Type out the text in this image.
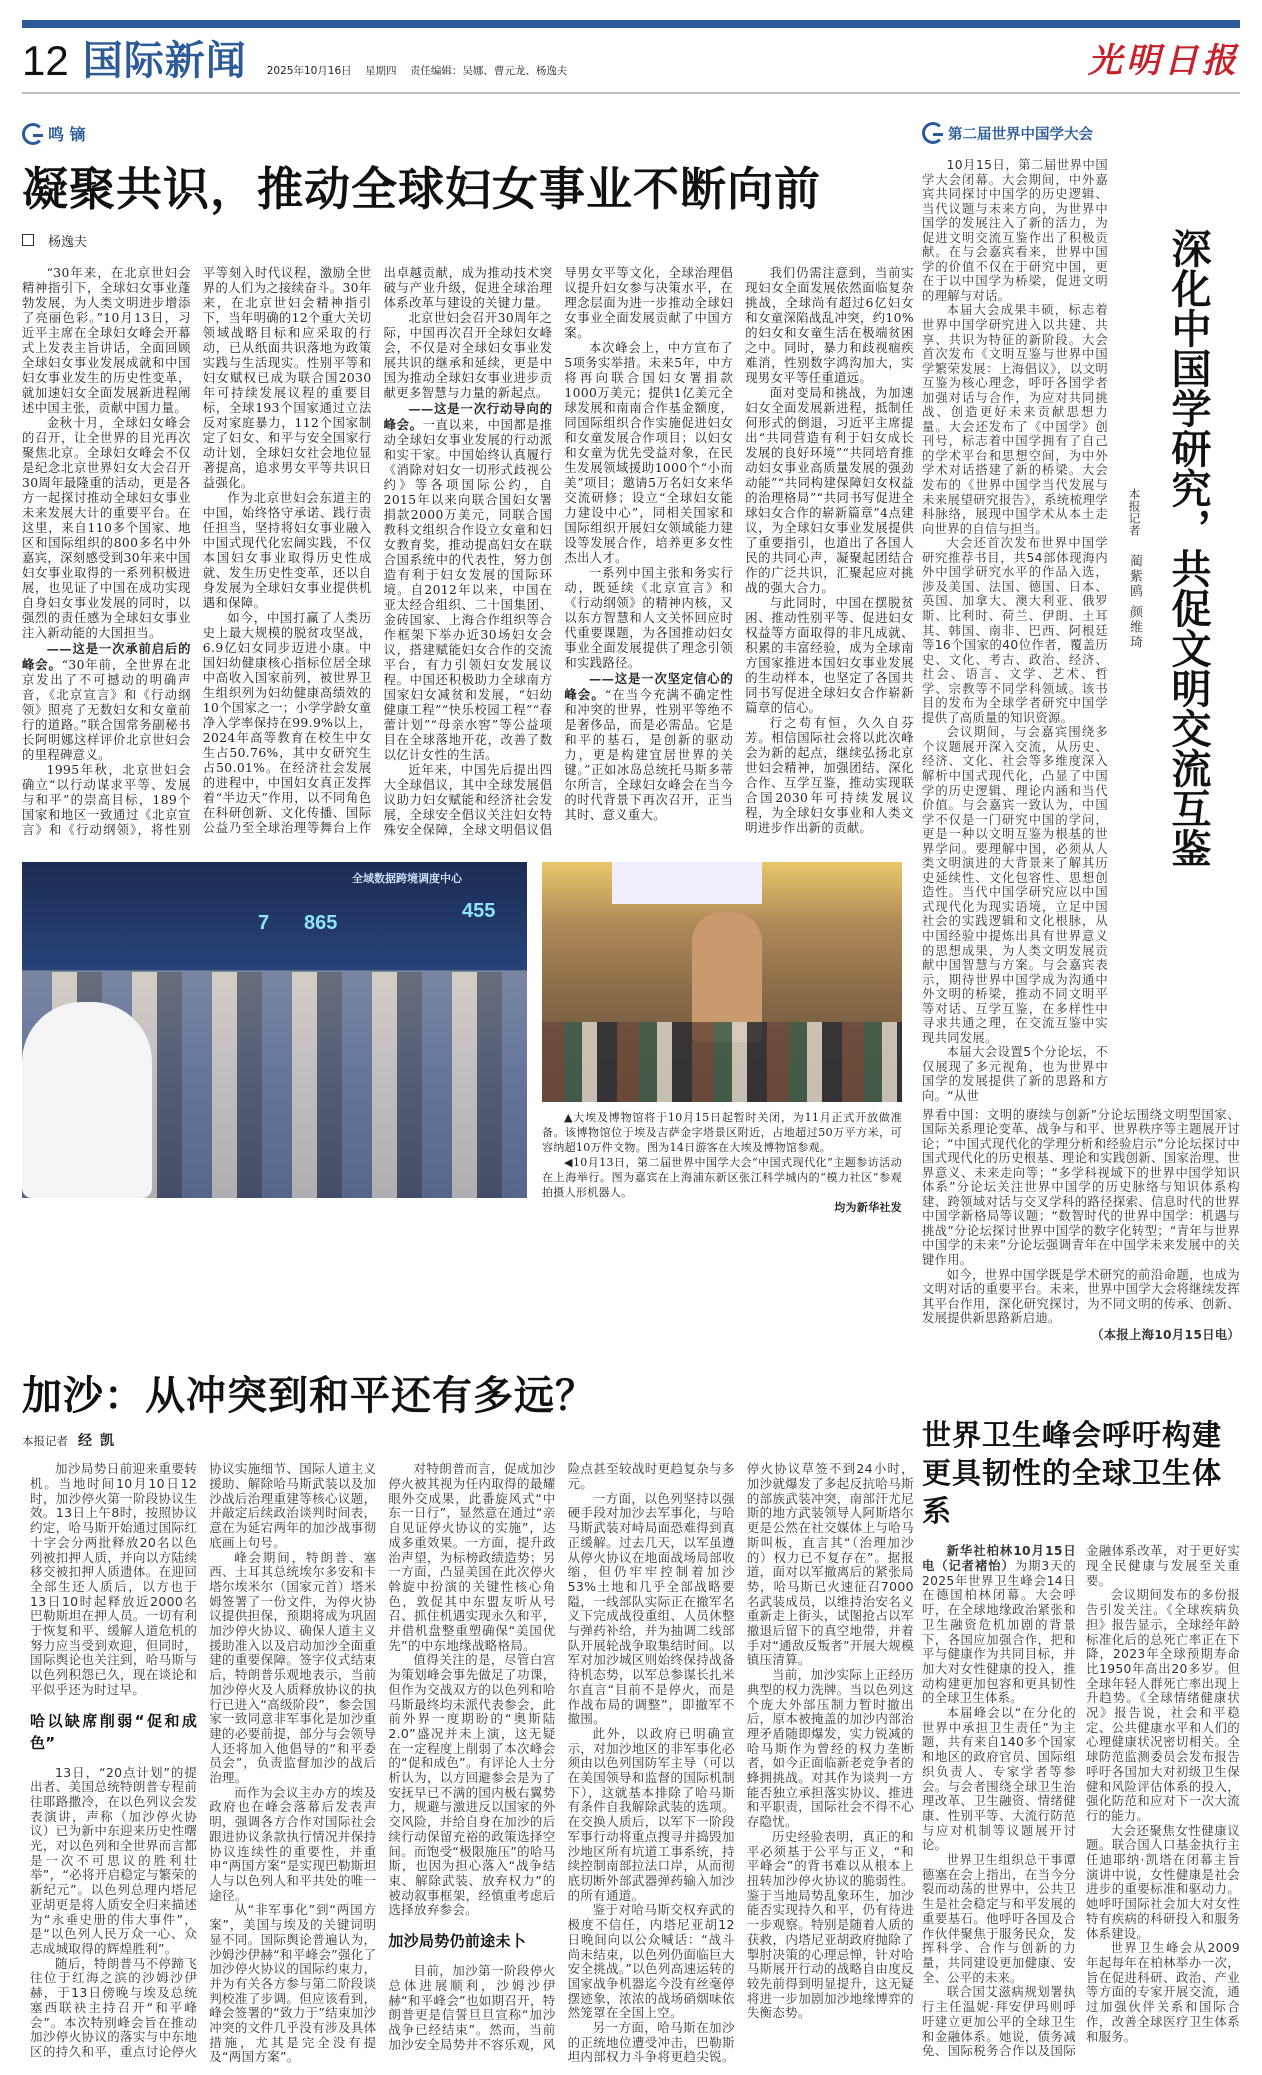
12 国际新闻 2025年10月16日 星期四 责任编辑：吴娜、曹元龙、杨逸夫	光明日报
鸣 镝
凝聚共识，推动全球妇女事业不断向前
杨逸夫

“30年来，在北京世妇会精神指引下，全球妇女事业蓬勃发展，为人类文明进步增添了亮丽色彩。”10月13日，习近平主席在全球妇女峰会开幕式上发表主旨讲话，全面回顾全球妇女事业发展成就和中国妇女事业发生的历史性变革，就加速妇女全面发展新进程阐述中国主张，贡献中国力量。

金秋十月，全球妇女峰会的召开，让全世界的目光再次聚焦北京。全球妇女峰会不仅是纪念北京世界妇女大会召开30周年最隆重的活动，更是各方一起探讨推动全球妇女事业未来发展大计的重要平台。在这里，来自110多个国家、地区和国际组织的800多名中外嘉宾，深刻感受到30年来中国妇女事业取得的一系列积极进展，也见证了中国在成功实现自身妇女事业发展的同时，以强烈的责任感为全球妇女事业注入新动能的大国担当。

——这是一次承前启后的峰会。“30年前，全世界在北京发出了不可撼动的明确声音，《北京宣言》和《行动纲领》照亮了无数妇女和女童前行的道路。”联合国常务副秘书长阿明娜这样评价北京世妇会的里程碑意义。

1995年秋，北京世妇会确立“以行动谋求平等、发展与和平”的崇高目标，189个国家和地区一致通过《北京宣言》和《行动纲领》，将性别平等刻入时代议程，激励全世界的人们为之接续奋斗。30年来，在北京世妇会精神指引下，当年明确的12个重大关切领域战略目标和应采取的行动，已从纸面共识落地为政策实践与生活现实。性别平等和妇女赋权已成为联合国2030年可持续发展议程的重要目标，全球193个国家通过立法反对家庭暴力，112个国家制定了妇女、和平与安全国家行动计划，全球妇女社会地位显著提高，追求男女平等共识日益强化。

作为北京世妇会东道主的中国，始终恪守承诺、践行责任担当，坚持将妇女事业融入中国式现代化宏阔实践，不仅本国妇女事业取得历史性成就、发生历史性变革，还以自身发展为全球妇女事业提供机遇和保障。

如今，中国打赢了人类历史上最大规模的脱贫攻坚战，6.9亿妇女同步迈进小康。中国妇幼健康核心指标位居全球中高收入国家前列，被世界卫生组织列为妇幼健康高绩效的10个国家之一；小学学龄女童净入学率保持在99.9%以上，2024年高等教育在校生中女生占50.76%，其中女研究生占50.01%。在经济社会发展的进程中，中国妇女真正发挥着“半边天”作用，以不同角色在科研创新、文化传播、国际公益乃至全球治理等舞台上作出卓越贡献，成为推动技术突破与产业升级，促进全球治理体系改革与建设的关键力量。

北京世妇会召开30周年之际，中国再次召开全球妇女峰会，不仅是对全球妇女事业发展共识的继承和延续，更是中国为推动全球妇女事业进步贡献更多智慧与力量的新起点。

——这是一次行动导向的峰会。一直以来，中国都是推动全球妇女事业发展的行动派和实干家。中国始终认真履行《消除对妇女一切形式歧视公约》等各项国际公约，自2015年以来向联合国妇女署捐款2000万美元，同联合国教科文组织合作设立女童和妇女教育奖，推动提高妇女在联合国系统中的代表性，努力创造有利于妇女发展的国际环境。自2012年以来，中国在亚太经合组织、二十国集团、金砖国家、上海合作组织等合作框架下举办近30场妇女会议，搭建赋能妇女合作的交流平台，有力引领妇女发展议程。中国还积极助力全球南方国家妇女减贫和发展，“妇幼健康工程”“快乐校园工程”“春蕾计划”“母亲水窖”等公益项目在全球落地开花，改善了数以亿计女性的生活。

近年来，中国先后提出四大全球倡议，其中全球发展倡议助力妇女赋能和经济社会发展，全球安全倡议关注妇女特殊安全保障，全球文明倡议倡导男女平等文化，全球治理倡议提升妇女参与决策水平，在理念层面为进一步推动全球妇女事业全面发展贡献了中国方案。

本次峰会上，中方宣布了5项务实举措。未来5年，中方将再向联合国妇女署捐款1000万美元；提供1亿美元全球发展和南南合作基金额度，同国际组织合作实施促进妇女和女童发展合作项目；以妇女和女童为优先受益对象，在民生发展领域援助1000个“小而美”项目；邀请5万名妇女来华交流研修；设立“全球妇女能力建设中心”，同相关国家和国际组织开展妇女领域能力建设等发展合作，培养更多女性杰出人才。

一系列中国主张和务实行动，既延续《北京宣言》和《行动纲领》的精神内核，又以东方智慧和人文关怀回应时代重要课题，为各国推动妇女事业全面发展提供了理念引领和实践路径。

——这是一次坚定信心的峰会。“在当今充满不确定性和冲突的世界，性别平等绝不是奢侈品，而是必需品。它是和平的基石，是创新的驱动力，更是构建宜居世界的关键。”正如冰岛总统托马斯多蒂尔所言，全球妇女峰会在当今的时代背景下再次召开，正当其时、意义重大。

我们仍需注意到，当前实现妇女全面发展依然面临复杂挑战，全球尚有超过6亿妇女和女童深陷战乱冲突，约10%的妇女和女童生活在极端贫困之中。同时，暴力和歧视痼疾难消，性别数字鸿沟加大，实现男女平等任重道远。

面对变局和挑战，为加速妇女全面发展新进程，抵制任何形式的倒退，习近平主席提出“共同营造有利于妇女成长发展的良好环境”“共同培育推动妇女事业高质量发展的强劲动能”“共同构建保障妇女权益的治理格局”“共同书写促进全球妇女合作的崭新篇章”4点建议，为全球妇女事业发展提供了重要指引，也道出了各国人民的共同心声，凝聚起团结合作的广泛共识，汇聚起应对挑战的强大合力。

与此同时，中国在摆脱贫困、推动性别平等、促进妇女权益等方面取得的非凡成就、积累的丰富经验，成为全球南方国家推进本国妇女事业发展的生动样本，也坚定了各国共同书写促进全球妇女合作崭新篇章的信心。

行之苟有恒，久久自芬芳。相信国际社会将以此次峰会为新的起点，继续弘扬北京世妇会精神，加强团结、深化合作、互学互鉴，推动实现联合国2030年可持续发展议程，为全球妇女事业和人类文明进步作出新的贡献。

全域数据跨境调度中心
7 865
455

▲大埃及博物馆将于10月15日起暂时关闭，为11月正式开放做准备。该博物馆位于埃及吉萨金字塔景区附近，占地超过50万平方米，可容纳超10万件文物。图为14日游客在大埃及博物馆参观。

◀10月13日，第二届世界中国学大会“中国式现代化”主题参访活动在上海举行。图为嘉宾在上海浦东新区张江科学城内的“模力社区”参观拍摄人形机器人。

均为新华社发
第二届世界中国学大会

10月15日，第二届世界中国学大会闭幕。大会期间，中外嘉宾共同探讨中国学的历史逻辑、当代议题与未来方向，为世界中国学的发展注入了新的活力，为促进文明交流互鉴作出了积极贡献。在与会嘉宾看来，世界中国学的价值不仅在于研究中国，更在于以中国学为桥梁，促进文明的理解与对话。

本届大会成果丰硕，标志着世界中国学研究进入以共建、共享、共识为特征的新阶段。大会首次发布《文明互鉴与世界中国学繁荣发展：上海倡议》，以文明互鉴为核心理念，呼吁各国学者加强对话与合作，为应对共同挑战、创造更好未来贡献思想力量。大会还发布了《中国学》创刊号，标志着中国学拥有了自己的学术平台和思想空间，为中外学术对话搭建了新的桥梁。大会发布的《世界中国学当代发展与未来展望研究报告》，系统梳理学科脉络，展现中国学术从本土走向世界的自信与担当。

大会还首次发布世界中国学研究推荐书目，共54部体现海内外中国学研究水平的作品入选，涉及美国、法国、德国、日本、英国、加拿大、澳大利亚、俄罗斯、比利时、荷兰、伊朗、土耳其、韩国、南非、巴西、阿根廷等16个国家的40位作者，覆盖历史、文化、考古、政治、经济、社会、语言、文学、艺术、哲学、宗教等不同学科领域。该书目的发布为全球学者研究中国学提供了高质量的知识资源。

会议期间，与会嘉宾围绕多个议题展开深入交流，从历史、经济、文化、社会等多维度深入解析中国式现代化，凸显了中国学的历史逻辑、理论内涵和当代价值。与会嘉宾一致认为，中国学不仅是一门研究中国的学问，更是一种以文明互鉴为根基的世界学问。要理解中国，必须从人类文明演进的大背景来了解其历史延续性、文化包容性、思想创造性。当代中国学研究应以中国式现代化为现实语境，立足中国社会的实践逻辑和文化根脉，从中国经验中提炼出具有世界意义的思想成果，为人类文明发展贡献中国智慧与方案。与会嘉宾表示，期待世界中国学成为沟通中外文明的桥梁，推动不同文明平等对话、互学互鉴，在多样性中寻求共通之理，在交流互鉴中实现共同发展。

本届大会设置5个分论坛，不仅展现了多元视角，也为世界中国学的发展提供了新的思路和方向。“从世

本报记者 蔺紫鸥 颜维琦 深化中国学研究，共促文明交流互鉴

界看中国：文明的赓续与创新”分论坛围绕文明型国家、国际关系理论变革、战争与和平、世界秩序等主题展开讨论；“中国式现代化的学理分析和经验启示”分论坛探讨中国式现代化的历史根基、理论和实践创新、国家治理、世界意义、未来走向等；“多学科视域下的世界中国学知识体系”分论坛关注世界中国学的历史脉络与知识体系构建、跨领域对话与交叉学科的路径探索、信息时代的世界中国学新格局等议题；“数智时代的世界中国学：机遇与挑战”分论坛探讨世界中国学的数字化转型；“青年与世界中国学的未来”分论坛强调青年在中国学未来发展中的关键作用。

如今，世界中国学既是学术研究的前沿命题，也成为文明对话的重要平台。未来，世界中国学大会将继续发挥其平台作用，深化研究探讨，为不同文明的传承、创新、发展提供新思路新启迪。

（本报上海10月15日电）
加沙：从冲突到和平还有多远？
本报记者 经凯

加沙局势日前迎来重要转机。当地时间10月10日12时，加沙停火第一阶段协议生效。13日上午8时，按照协议约定，哈马斯开始通过国际红十字会分两批释放20名以色列被扣押人质，并向以方陆续移交被扣押人质遗体。在迎回全部生还人质后，以方也于13日10时起释放近2000名巴勒斯坦在押人员。一切有利于恢复和平、缓解人道危机的努力应当受到欢迎，但同时，国际舆论也关注到，哈马斯与以色列积怨已久，现在谈论和平似乎还为时过早。

哈以缺席削弱“促和成色”

13日，“20点计划”的提出者、美国总统特朗普专程前往耶路撒冷，在以色列议会发表演讲，声称（加沙停火协议）已为新中东迎来历史性曙光，对以色列和全世界而言都是一次不可思议的胜利壮举”，“必将开启稳定与繁荣的新纪元”。以色列总理内塔尼亚胡更是将人质安全归来描述为“永垂史册的伟大事件”，是“以色列人民万众一心、众志成城取得的辉煌胜利”。

随后，特朗普马不停蹄飞往位于红海之滨的沙姆沙伊赫，于13日傍晚与埃及总统塞西联袂主持召开“和平峰会”。本次特别峰会旨在推动加沙停火协议的落实与中东地区的持久和平，重点讨论停火协议实施细节、国际人道主义援助、解除哈马斯武装以及加沙战后治理重建等核心议题，并敲定后续政治谈判时间表，意在为延宕两年的加沙战事彻底画上句号。

峰会期间，特朗普、塞西、土耳其总统埃尔多安和卡塔尔埃米尔（国家元首）塔米姆签署了一份文件，为停火协议提供担保，预期将成为巩固加沙停火协议、确保人道主义援助准入以及启动加沙全面重建的重要保障。签字仪式结束后，特朗普乐观地表示，当前加沙停火及人质释放协议的执行已进入“高级阶段”，参会国家一致同意非军事化是加沙重建的必要前提，部分与会领导人还将加入他倡导的“和平委员会”，负责监督加沙的战后治理。

而作为会议主办方的埃及政府也在峰会落幕后发表声明，强调各方合作对国际社会跟进协议条款执行情况并保持协议连续性的重要性，并重申“两国方案”是实现巴勒斯坦人与以色列人和平共处的唯一途径。

从“非军事化”到“两国方案”，美国与埃及的关键词明显不同。国际舆论普遍认为，沙姆沙伊赫“和平峰会”强化了加沙停火协议的国际约束力，并为有关各方参与第二阶段谈判校准了步调。但应该看到，峰会签署的“致力于”结束加沙冲突的文件几乎没有涉及具体措施，尤其是完全没有提及“两国方案”。

对特朗普而言，促成加沙停火被其视为任内取得的最耀眼外交成果，此番旋风式“中东一日行”，显然意在通过“亲自见证停火协议的实施”，达成多重效果。一方面，提升政治声望，为标榜政绩造势；另一方面，凸显美国在此次停火斡旋中扮演的关键性核心角色，敦促其中东盟友听从号召、抓住机遇实现永久和平，并借机盘整重塑确保“美国优先”的中东地缘战略格局。

值得关注的是，尽管白宫为策划峰会事先做足了功课，但作为交战双方的以色列和哈马斯最终均未派代表参会，此前外界一度期盼的“奥斯陆2.0”盛况并未上演，这无疑在一定程度上削弱了本次峰会的“促和成色”。有评论人士分析认为，以方回避参会是为了安抚早已不满的国内极右翼势力，规避与激进反以国家的外交风险，并给自身在加沙的后续行动保留充裕的政策选择空间。而饱受“极限施压”的哈马斯，也因为担心落入“战争结束、解除武装、放弃权力”的被动叙事框架，经慎重考虑后选择放弃参会。

加沙局势仍前途未卜

目前，加沙第一阶段停火总体进展顺利，沙姆沙伊赫“和平峰会”也如期召开，特朗普更是信誓旦旦宣称“加沙战争已经结束”。然而，当前加沙安全局势并不容乐观，风险点甚至较战时更趋复杂与多元。

一方面，以色列坚持以强硬手段对加沙去军事化，与哈马斯武装对峙局面恐难得到真正缓解。过去几天，以军虽遵从停火协议在地面战场局部收缩，但仍牢牢控制着加沙53%土地和几乎全部战略要隘，一线部队实际正在撤军名义下完成战役重组、人员休整与弹药补给，并为抽调二线部队开展轮战争取集结时间。以军对加沙城区则始终保持战备待机态势，以军总参谋长扎米尔直言“目前不是停火，而是作战布局的调整”，即撤军不撤围。

此外，以政府已明确宣示，对加沙地区的非军事化必须由以色列国防军主导（可以在美国领导和监督的国际机制下），这就基本排除了哈马斯有条件自我解除武装的选项。在交换人质后，以军下一阶段军事行动将重点搜寻并捣毁加沙地区所有坑道工事系统，持续控制南部拉法口岸，从而彻底切断外部武器弹药输入加沙的所有通道。

鉴于对哈马斯交权弃武的极度不信任，内塔尼亚胡12日晚间向以公众喊话：“战斗尚未结束，以色列仍面临巨大安全挑战。”以色列高速运转的国家战争机器迄今没有丝毫停摆迹象，浓浓的战场硝烟味依然笼罩在全国上空。

另一方面，哈马斯在加沙的正统地位遭受冲击，巴勒斯坦内部权力斗争将更趋尖锐。停火协议草签不到24小时，加沙就爆发了多起反抗哈马斯的部族武装冲突，南部汗尤尼斯的地方武装领导人阿斯塔尔更是公然在社交媒体上与哈马斯叫板，直言其“（治理加沙的）权力已不复存在”。据报道，面对以军撤离后的紧张局势，哈马斯已火速征召7000名武装成员，以维持治安名义重新走上街头，试图抢占以军撤退后留下的真空地带，并着手对“通敌反叛者”开展大规模镇压清算。

当前，加沙实际上正经历典型的权力洗牌。当以色列这个庞大外部压制力暂时撤出后，原本被掩盖的加沙内部治理矛盾随即爆发，实力锐减的哈马斯作为曾经的权力垄断者，如今正面临新老竞争者的蜂拥挑战。对其作为谈判一方能否独立承担落实协议、推进和平职责，国际社会不得不心存隐忧。

历史经验表明，真正的和平必须基于公平与正义，“和平峰会”的背书难以从根本上扭转加沙停火协议的脆弱性。鉴于当地局势乱象环生，加沙能否实现持久和平，仍有待进一步观察。特别是随着人质的获救，内塔尼亚胡政府抛除了掣肘决策的心理忌惮，针对哈马斯展开行动的战略自由度反较先前得到明显提升，这无疑将进一步加剧加沙地缘博弈的失衡态势。

世界卫生峰会呼吁构建
更具韧性的全球卫生体系

新华社柏林10月15日电（记者褚怡）为期3天的2025年世界卫生峰会14日在德国柏林闭幕。大会呼吁，在全球地缘政治紧张和卫生融资危机加剧的背景下，各国应加强合作，把和平与健康作为共同目标，并加大对女性健康的投入，推动构建更加包容和更具韧性的全球卫生体系。

本届峰会以“在分化的世界中承担卫生责任”为主题，共有来自140多个国家和地区的政府官员、国际组织负责人、专家学者等参会。与会者围绕全球卫生治理改革、卫生融资、情绪健康、性别平等、大流行防范与应对机制等议题展开讨论。

世界卫生组织总干事谭德塞在会上指出，在当今分裂而动荡的世界中，公共卫生是社会稳定与和平发展的重要基石。他呼吁各国及合作伙伴聚焦于服务民众，发挥科学、合作与创新的力量，共同建设更加健康、安全、公平的未来。

联合国艾滋病规划署执行主任温妮·拜安伊玛则呼吁建立更加公平的全球卫生和金融体系。她说，债务减免、国际税务合作以及国际金融体系改革，对于更好实现全民健康与发展至关重要。

会议期间发布的多份报告引发关注。《全球疾病负担》报告显示，全球经年龄标准化后的总死亡率正在下降，2023年全球预期寿命比1950年高出20多岁。但全球年轻人群死亡率出现上升趋势。《全球情绪健康状况》报告说，社会和平稳定、公共健康水平和人们的心理健康状况密切相关。全球防范监测委员会发布报告呼吁各国加大对初级卫生保健和风险评估体系的投入，强化防范和应对下一次大流行的能力。

大会还聚焦女性健康议题。联合国人口基金执行主任迪耶纳·凯塔在闭幕主旨演讲中说，女性健康是社会进步的重要标准和驱动力。她呼吁国际社会加大对女性特有疾病的科研投入和服务体系建设。

世界卫生峰会从2009年起每年在柏林举办一次，旨在促进科研、政治、产业等方面的专家开展交流，通过加强伙伴关系和国际合作，改善全球医疗卫生体系和服务。
